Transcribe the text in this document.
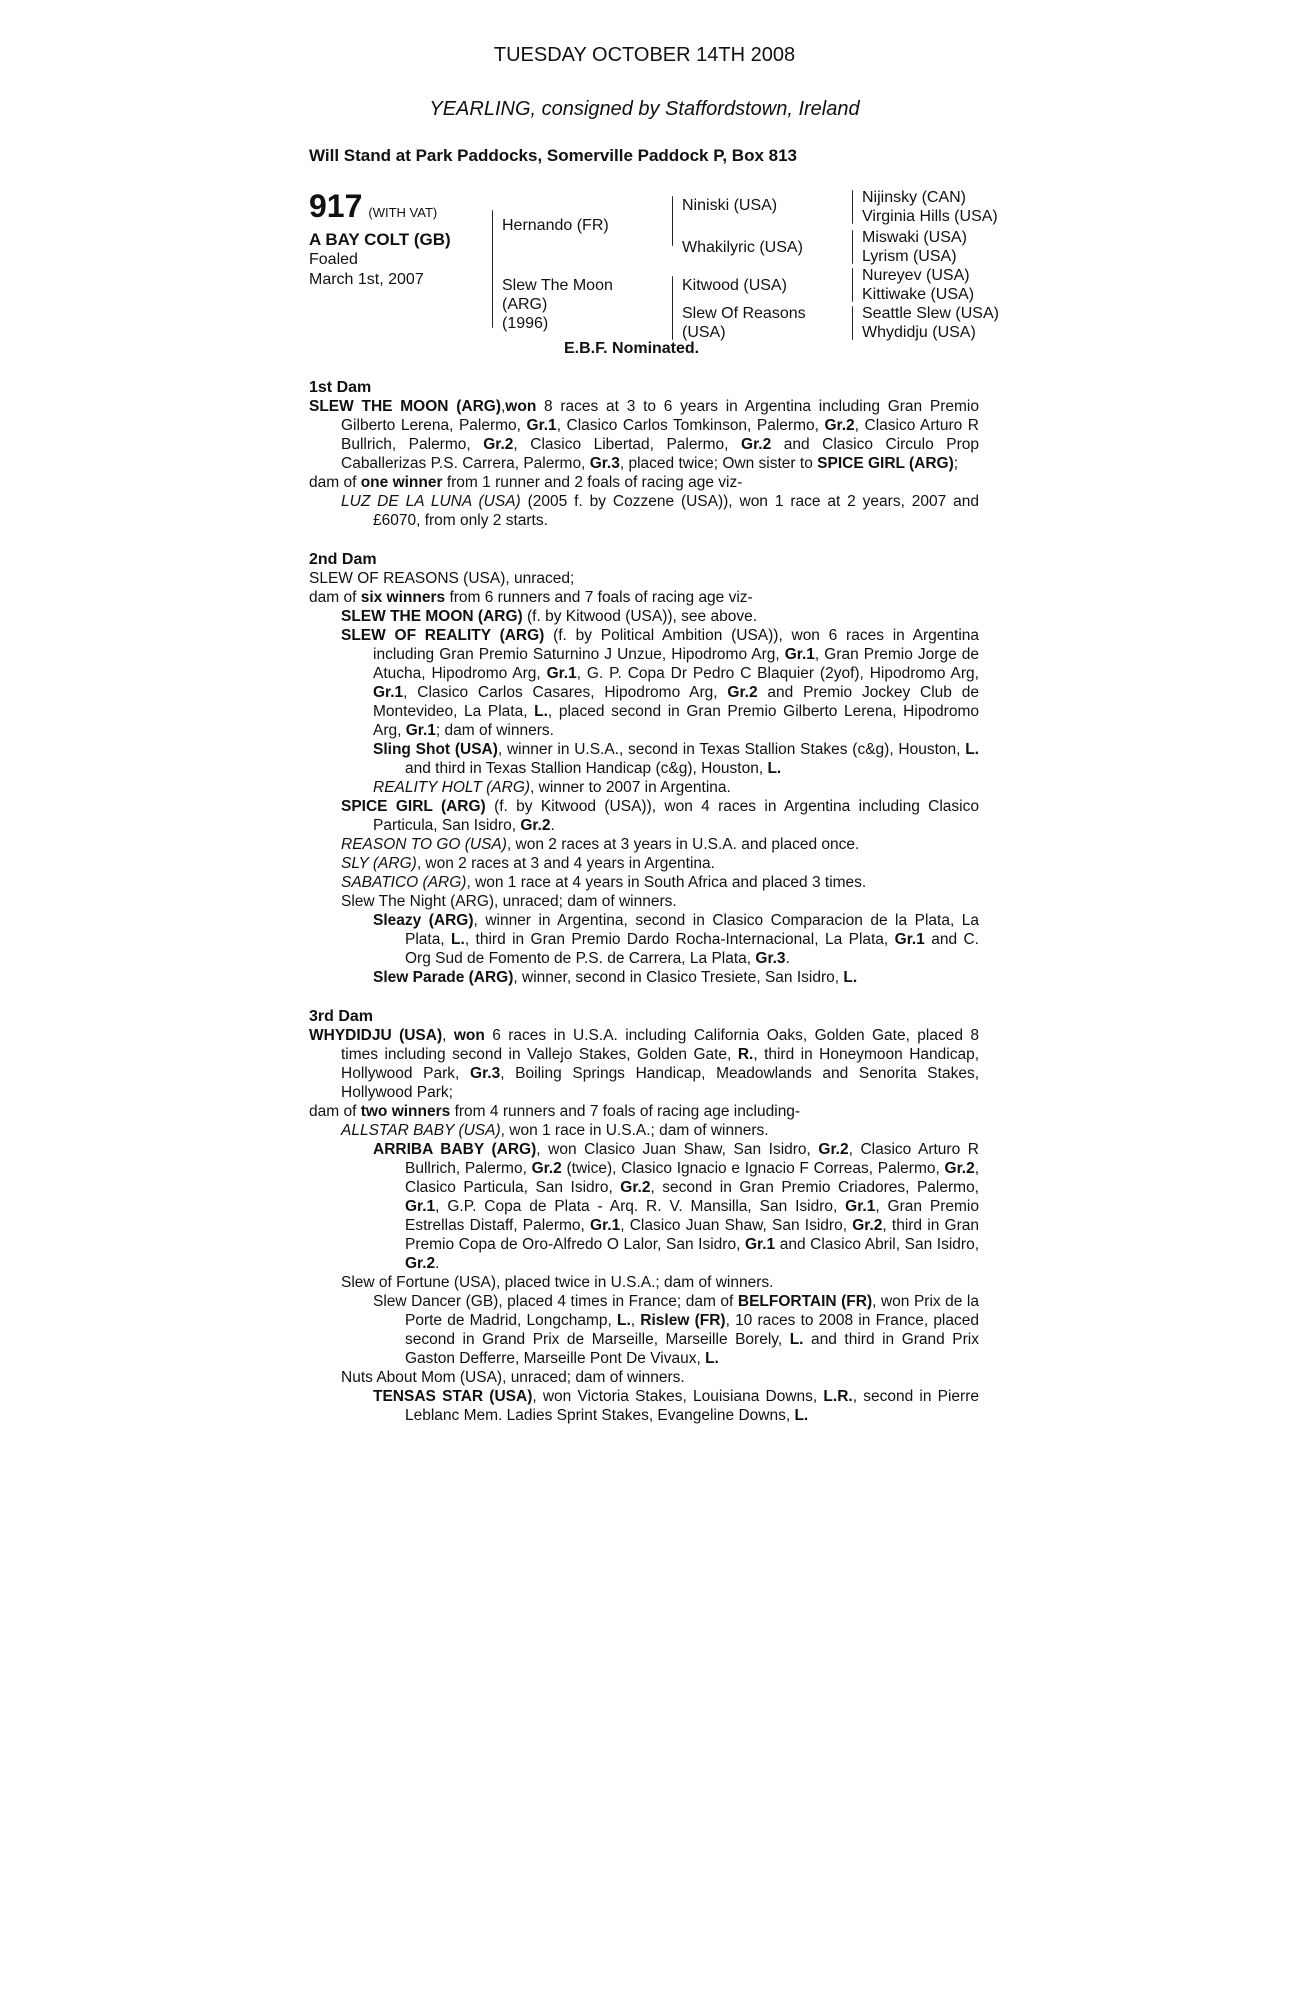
TUESDAY OCTOBER 14TH 2008
YEARLING, consigned by Staffordstown, Ireland
Will Stand at Park Paddocks, Somerville Paddock P, Box 813
917 (WITH VAT)
A BAY COLT (GB)
Foaled
March 1st, 2007
Hernando (FR)
Slew The Moon
(ARG)
(1996)
Niniski (USA)
Whakilyric (USA)
Kitwood (USA)
Slew Of Reasons
(USA)
Nijinsky (CAN)
Virginia Hills (USA)
Miswaki (USA)
Lyrism (USA)
Nureyev (USA)
Kittiwake (USA)
Seattle Slew (USA)
Whydidju (USA)
E.B.F. Nominated.
1st Dam
SLEW THE MOON (ARG),won 8 races at 3 to 6 years in Argentina including Gran Premio Gilberto Lerena, Palermo, Gr.1, Clasico Carlos Tomkinson, Palermo, Gr.2, Clasico Arturo R Bullrich, Palermo, Gr.2, Clasico Libertad, Palermo, Gr.2 and Clasico Circulo Prop Caballerizas P.S. Carrera, Palermo, Gr.3, placed twice; Own sister to SPICE GIRL (ARG);
dam of one winner from 1 runner and 2 foals of racing age viz-
LUZ DE LA LUNA (USA) (2005 f. by Cozzene (USA)), won 1 race at 2 years, 2007 and £6070, from only 2 starts.
2nd Dam
SLEW OF REASONS (USA), unraced;
dam of six winners from 6 runners and 7 foals of racing age viz-
SLEW THE MOON (ARG) (f. by Kitwood (USA)), see above.
SLEW OF REALITY (ARG) (f. by Political Ambition (USA)), won 6 races in Argentina including Gran Premio Saturnino J Unzue, Hipodromo Arg, Gr.1, Gran Premio Jorge de Atucha, Hipodromo Arg, Gr.1, G. P. Copa Dr Pedro C Blaquier (2yof), Hipodromo Arg, Gr.1, Clasico Carlos Casares, Hipodromo Arg, Gr.2 and Premio Jockey Club de Montevideo, La Plata, L., placed second in Gran Premio Gilberto Lerena, Hipodromo Arg, Gr.1; dam of winners.
Sling Shot (USA), winner in U.S.A., second in Texas Stallion Stakes (c&g), Houston, L. and third in Texas Stallion Handicap (c&g), Houston, L.
REALITY HOLT (ARG), winner to 2007 in Argentina.
SPICE GIRL (ARG) (f. by Kitwood (USA)), won 4 races in Argentina including Clasico Particula, San Isidro, Gr.2.
REASON TO GO (USA), won 2 races at 3 years in U.S.A. and placed once.
SLY (ARG), won 2 races at 3 and 4 years in Argentina.
SABATICO (ARG), won 1 race at 4 years in South Africa and placed 3 times.
Slew The Night (ARG), unraced; dam of winners.
Sleazy (ARG), winner in Argentina, second in Clasico Comparacion de la Plata, La Plata, L., third in Gran Premio Dardo Rocha-Internacional, La Plata, Gr.1 and C. Org Sud de Fomento de P.S. de Carrera, La Plata, Gr.3.
Slew Parade (ARG), winner, second in Clasico Tresiete, San Isidro, L.
3rd Dam
WHYDIDJU (USA), won 6 races in U.S.A. including California Oaks, Golden Gate, placed 8 times including second in Vallejo Stakes, Golden Gate, R., third in Honeymoon Handicap, Hollywood Park, Gr.3, Boiling Springs Handicap, Meadowlands and Senorita Stakes, Hollywood Park;
dam of two winners from 4 runners and 7 foals of racing age including-
ALLSTAR BABY (USA), won 1 race in U.S.A.; dam of winners.
ARRIBA BABY (ARG), won Clasico Juan Shaw, San Isidro, Gr.2, Clasico Arturo R Bullrich, Palermo, Gr.2 (twice), Clasico Ignacio e Ignacio F Correas, Palermo, Gr.2, Clasico Particula, San Isidro, Gr.2, second in Gran Premio Criadores, Palermo, Gr.1, G.P. Copa de Plata - Arq. R. V. Mansilla, San Isidro, Gr.1, Gran Premio Estrellas Distaff, Palermo, Gr.1, Clasico Juan Shaw, San Isidro, Gr.2, third in Gran Premio Copa de Oro-Alfredo O Lalor, San Isidro, Gr.1 and Clasico Abril, San Isidro, Gr.2.
Slew of Fortune (USA), placed twice in U.S.A.; dam of winners.
Slew Dancer (GB), placed 4 times in France; dam of BELFORTAIN (FR), won Prix de la Porte de Madrid, Longchamp, L., Rislew (FR), 10 races to 2008 in France, placed second in Grand Prix de Marseille, Marseille Borely, L. and third in Grand Prix Gaston Defferre, Marseille Pont De Vivaux, L.
Nuts About Mom (USA), unraced; dam of winners.
TENSAS STAR (USA), won Victoria Stakes, Louisiana Downs, L.R., second in Pierre Leblanc Mem. Ladies Sprint Stakes, Evangeline Downs, L.
